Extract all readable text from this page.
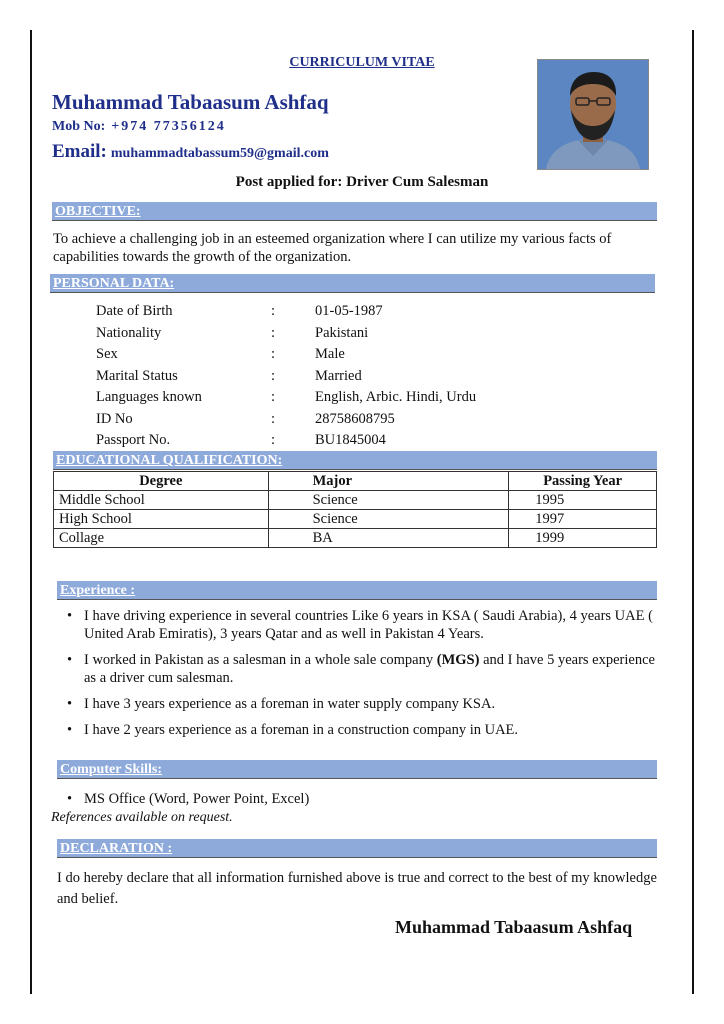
CURRICULUM VITAE
Muhammad Tabaasum Ashfaq
Mob No: +974 77356124
Email: muhammadtabassum59@gmail.com
Post applied for: Driver Cum Salesman
OBJECTIVE:
To achieve a challenging job in an esteemed organization where I can utilize my various facts of capabilities towards the growth of the organization.
PERSONAL DATA:
Date of Birth	:	01-05-1987
Nationality	:	Pakistani
Sex	:	Male
Marital Status	:	Married
Languages known	:	English, Arbic. Hindi, Urdu
ID No	:	28758608795
Passport No.	:	BU1845004
EDUCATIONAL QUALIFICATION:
Degree	Major	Passing Year
Middle School	Science	1995
High School	Science	1997
Collage	BA	1999
Experience :
• I have driving experience in several countries Like 6 years in KSA ( Saudi Arabia), 4 years UAE ( United Arab Emiratis), 3 years Qatar and as well in Pakistan 4 Years.
• I worked in Pakistan as a salesman in a whole sale company (MGS) and I have 5 years experience as a driver cum salesman.
• I have 3 years experience as a foreman in water supply company KSA.
• I have 2 years experience as a foreman in a construction company in UAE.
Computer Skills:
• MS Office (Word, Power Point, Excel)
References available on request.
DECLARATION :
I do hereby declare that all information furnished above is true and correct to the best of my knowledge and belief.
Muhammad Tabaasum Ashfaq
